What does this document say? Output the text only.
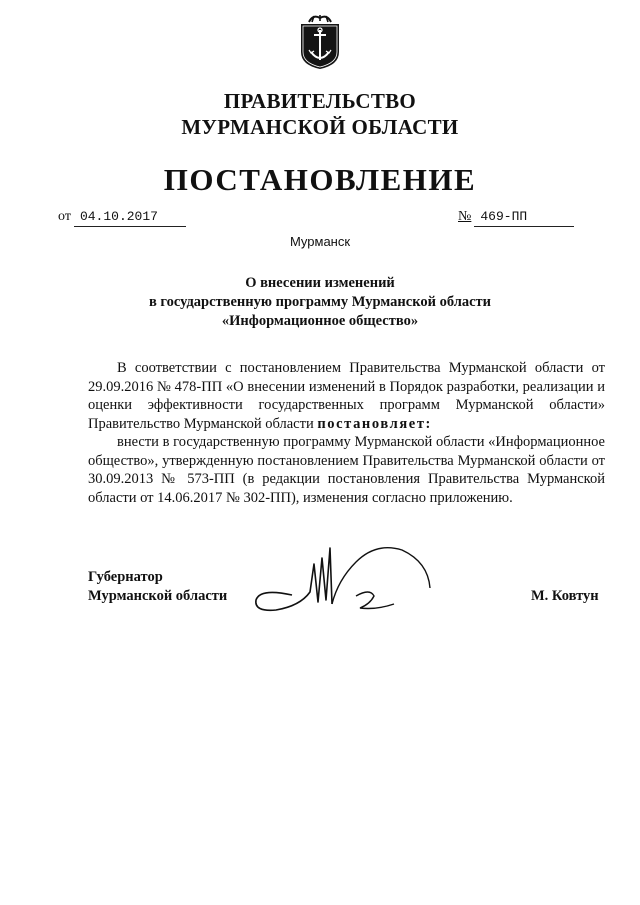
ПРАВИТЕЛЬСТВО
МУРМАНСКОЙ ОБЛАСТИ
ПОСТАНОВЛЕНИЕ
от 04.10.2017	№ 469-ПП
Мурманск
О внесении изменений
в государственную программу Мурманской области
«Информационное общество»

В соответствии с постановлением Правительства Мурманской области от 29.09.2016 № 478-ПП «О внесении изменений в Порядок разработки, реализации и оценки эффективности государственных программ Мурманской области» Правительство Мурманской области постановляет:

внести в государственную программу Мурманской области «Информационное общество», утвержденную постановлением Правительства Мурманской области от 30.09.2013 № 573-ПП (в редакции постановления Правительства Мурманской области от 14.06.2017 № 302-ПП), изменения согласно приложению.

Губернатор
Мурманской области	М. Ковтун
